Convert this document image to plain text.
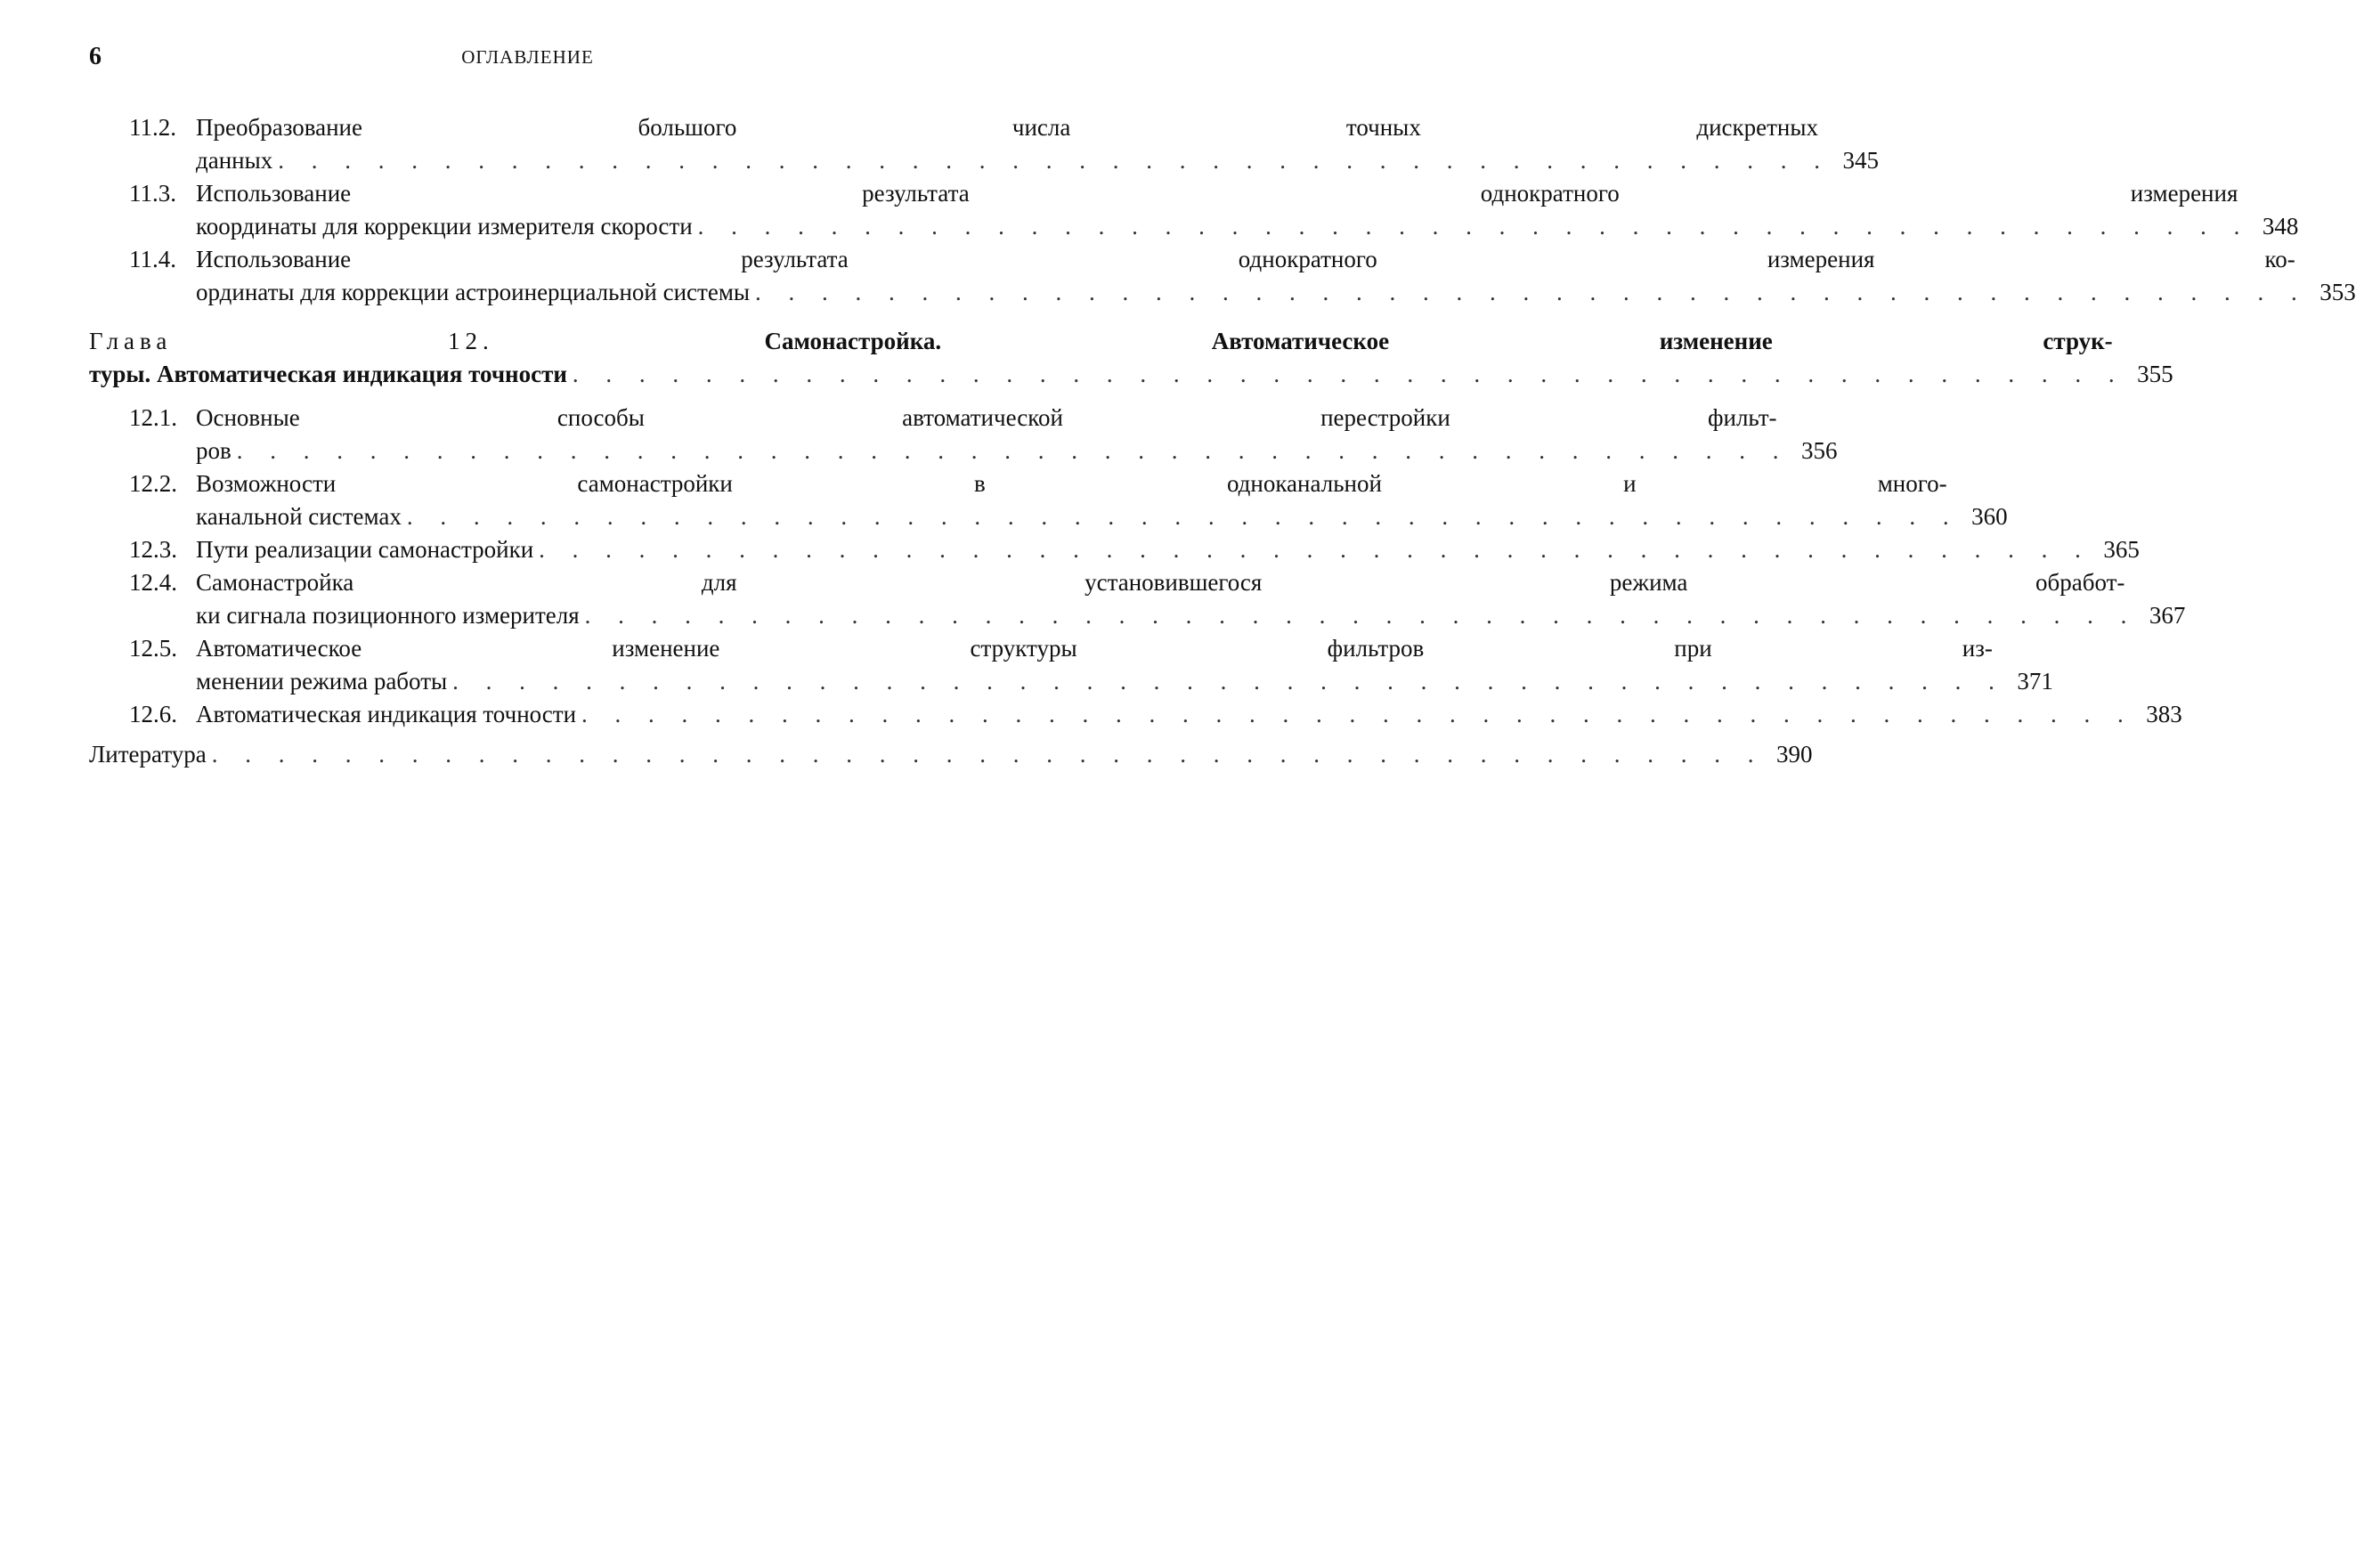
6	ОГЛАВЛЕНИЕ
11.2. Преобразование большого числа точных дискретных
данных . . .	345
11.3. Использование результата однократного измерения
координаты для коррекции измерителя скорости . . .	348
11.4. Использование результата однократного измерения ко-
ординаты для коррекции астроинерциальной системы . . .	353
Глава 12.	Самонастройка. Автоматическое изменение струк-
туры. Автоматическая индикация точности . . .	355
12.1. Основные способы автоматической перестройки фильт-
ров . . .	356
12.2. Возможности самонастройки в одноканальной и много-
канальной системах . . .	360
12.3. Пути реализации самонастройки . . .	365
12.4. Самонастройка для установившегося режима обработ-
ки сигнала позиционного измерителя . . .	367
12.5. Автоматическое изменение структуры фильтров при из-
менении режима работы . . .	371
12.6. Автоматическая индикация точности . . .	383
Литература . . .	390
